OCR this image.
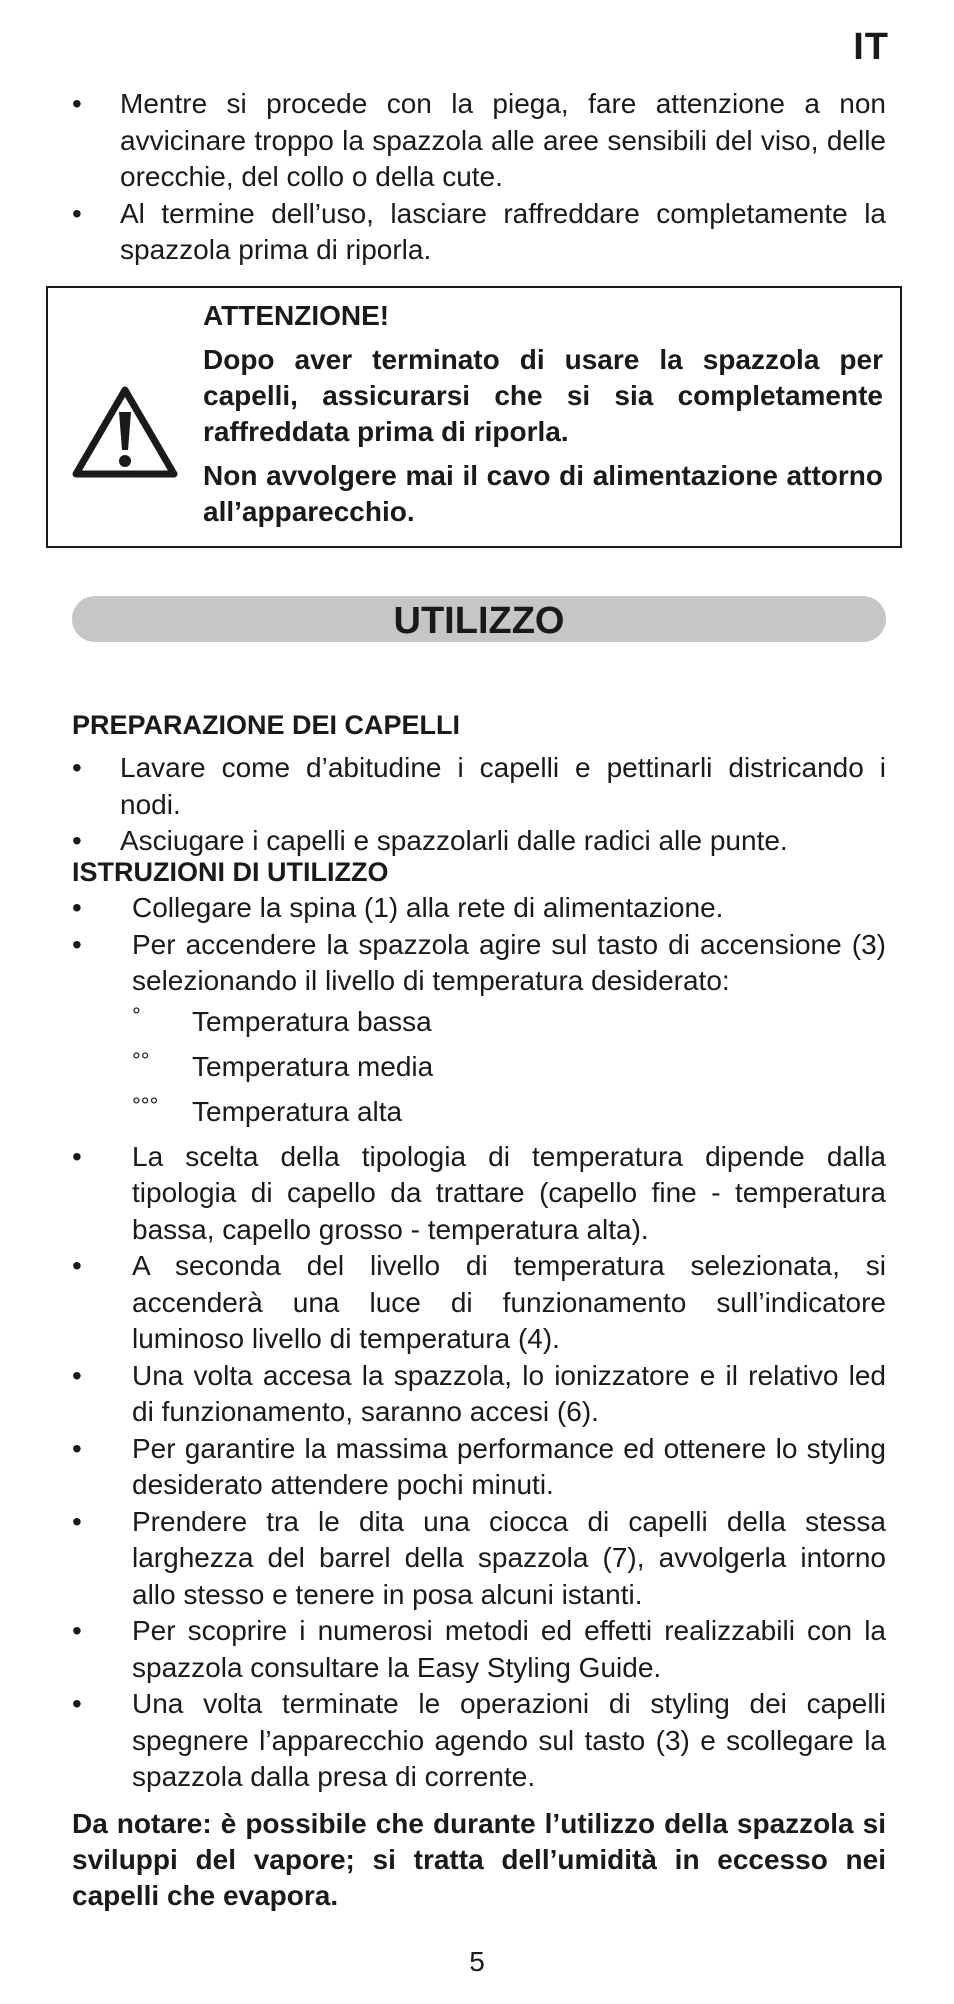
IT
• Mentre si procede con la piega, fare attenzione a non avvicinare troppo la spazzola alle aree sensibili del viso, delle orecchie, del collo o della cute.
• Al termine dell’uso, lasciare raffreddare completamente la spazzola prima di riporla.

ATTENZIONE!

Dopo aver terminato di usare la spazzola per capelli, assicurarsi che si sia completamente raffreddata prima di riporla.

Non avvolgere mai il cavo di alimentazione attorno all’apparecchio.

UTILIZZO
PREPARAZIONE DEI CAPELLI
• Lavare come d’abitudine i capelli e pettinarli districando i nodi.
• Asciugare i capelli e spazzolarli dalle radici alle punte.
ISTRUZIONI DI UTILIZZO
• Collegare la spina (1) alla rete di alimentazione.
• Per accendere la spazzola agire sul tasto di accensione (3) selezionando il livello di temperatura desiderato:
° Temperatura bassa
°° Temperatura media
°°° Temperatura alta
• La scelta della tipologia di temperatura dipende dalla tipologia di capello da trattare (capello fine - temperatura bassa, capello grosso - temperatura alta).
• A seconda del livello di temperatura selezionata, si accenderà una luce di funzionamento sull’indicatore luminoso livello di temperatura (4).
• Una volta accesa la spazzola, lo ionizzatore e il relativo led di funzionamento, saranno accesi (6).
• Per garantire la massima performance ed ottenere lo styling desiderato attendere pochi minuti.
• Prendere tra le dita una ciocca di capelli della stessa larghezza del barrel della spazzola (7), avvolgerla intorno allo stesso e tenere in posa alcuni istanti.
• Per scoprire i numerosi metodi ed effetti realizzabili con la spazzola consultare la Easy Styling Guide.
• Una volta terminate le operazioni di styling dei capelli spegnere l’apparecchio agendo sul tasto (3) e scollegare la spazzola dalla presa di corrente.

Da notare: è possibile che durante l’utilizzo della spazzola si sviluppi del vapore; si tratta dell’umidità in eccesso nei capelli che evapora.

5
